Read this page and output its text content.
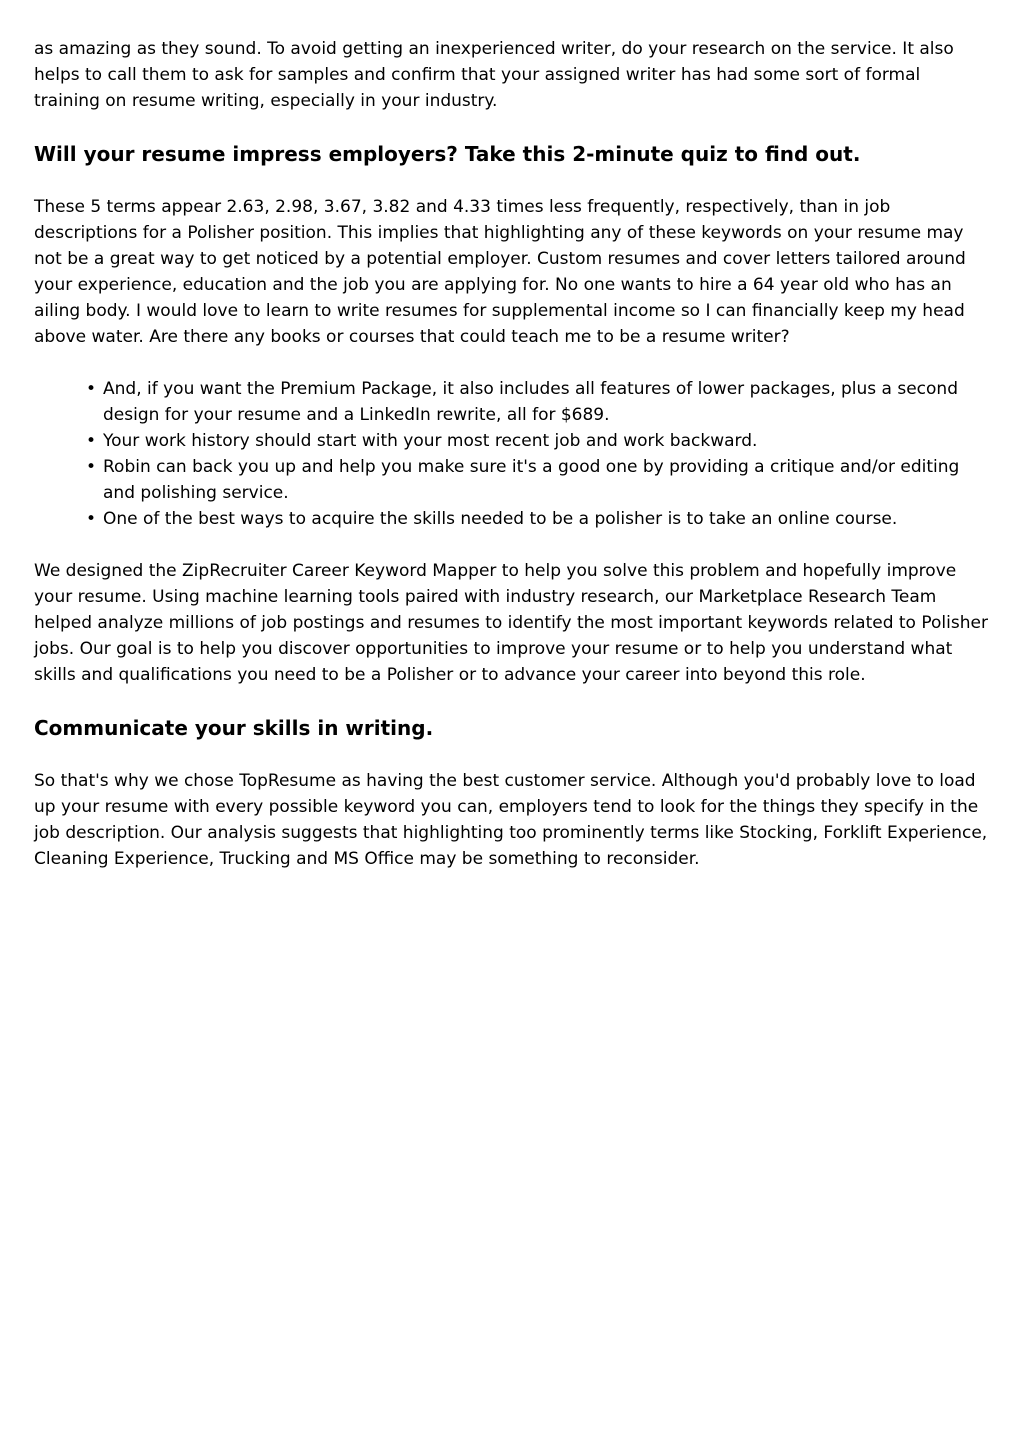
as amazing as they sound. To avoid getting an inexperienced writer, do your research on the service. It also helps to call them to ask for samples and confirm that your assigned writer has had some sort of formal training on resume writing, especially in your industry.

Will your resume impress employers? Take this 2-minute quiz to find out.

These 5 terms appear 2.63, 2.98, 3.67, 3.82 and 4.33 times less frequently, respectively, than in job descriptions for a Polisher position. This implies that highlighting any of these keywords on your resume may not be a great way to get noticed by a potential employer. Custom resumes and cover letters tailored around your experience, education and the job you are applying for. No one wants to hire a 64 year old who has an ailing body. I would love to learn to write resumes for supplemental income so I can financially keep my head above water. Are there any books or courses that could teach me to be a resume writer?

• And, if you want the Premium Package, it also includes all features of lower packages, plus a second design for your resume and a LinkedIn rewrite, all for $689.
• Your work history should start with your most recent job and work backward.
• Robin can back you up and help you make sure it's a good one by providing a critique and/or editing and polishing service.
• One of the best ways to acquire the skills needed to be a polisher is to take an online course.

We designed the ZipRecruiter Career Keyword Mapper to help you solve this problem and hopefully improve your resume. Using machine learning tools paired with industry research, our Marketplace Research Team helped analyze millions of job postings and resumes to identify the most important keywords related to Polisher jobs. Our goal is to help you discover opportunities to improve your resume or to help you understand what skills and qualifications you need to be a Polisher or to advance your career into beyond this role.

Communicate your skills in writing.

So that's why we chose TopResume as having the best customer service. Although you'd probably love to load up your resume with every possible keyword you can, employers tend to look for the things they specify in the job description. Our analysis suggests that highlighting too prominently terms like Stocking, Forklift Experience, Cleaning Experience, Trucking and MS Office may be something to reconsider.
